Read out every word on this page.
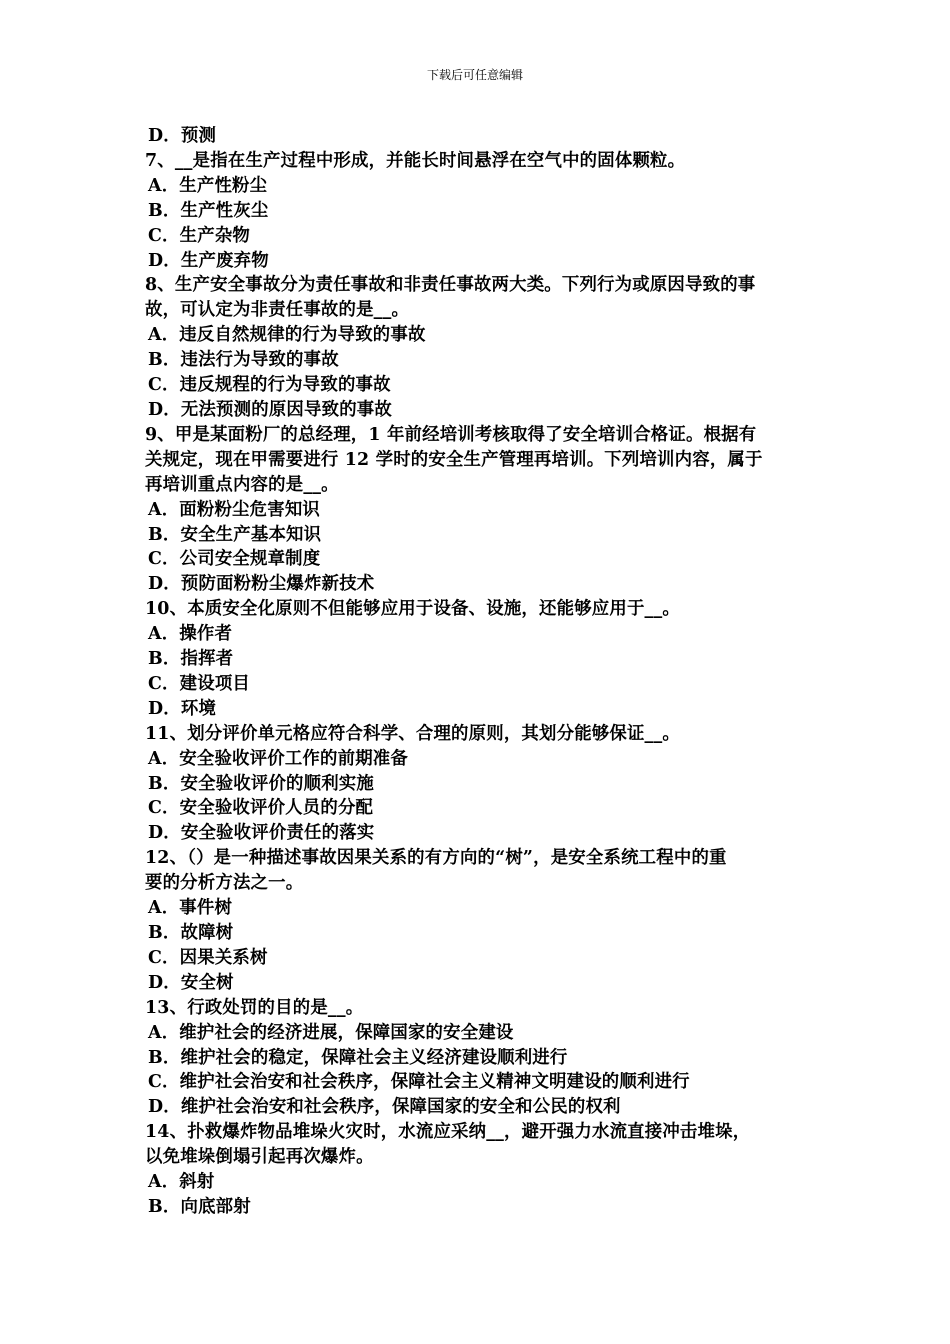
下载后可任意编辑
D．预测
7、__是指在生产过程中形成，并能长时间悬浮在空气中的固体颗粒。
A．生产性粉尘
B．生产性灰尘
C．生产杂物
D．生产废弃物
8、生产安全事故分为责任事故和非责任事故两大类。下列行为或原因导致的事
故，可认定为非责任事故的是__。
A．违反自然规律的行为导致的事故
B．违法行为导致的事故
C．违反规程的行为导致的事故
D．无法预测的原因导致的事故
9、甲是某面粉厂的总经理，1 年前经培训考核取得了安全培训合格证。根据有
关规定，现在甲需要进行 12 学时的安全生产管理再培训。下列培训内容，属于
再培训重点内容的是__。
A．面粉粉尘危害知识
B．安全生产基本知识
C．公司安全规章制度
D．预防面粉粉尘爆炸新技术
10、本质安全化原则不但能够应用于设备、设施，还能够应用于__。
A．操作者
B．指挥者
C．建设项目
D．环境
11、划分评价单元格应符合科学、合理的原则，其划分能够保证__。
A．安全验收评价工作的前期准备
B．安全验收评价的顺利实施
C．安全验收评价人员的分配
D．安全验收评价责任的落实
12、（）是一种描述事故因果关系的有方向的“树”，是安全系统工程中的重
要的分析方法之一。
A．事件树
B．故障树
C．因果关系树
D．安全树
13、行政处罚的目的是__。
A．维护社会的经济进展，保障国家的安全建设
B．维护社会的稳定，保障社会主义经济建设顺利进行
C．维护社会治安和社会秩序，保障社会主义精神文明建设的顺利进行
D．维护社会治安和社会秩序，保障国家的安全和公民的权利
14、扑救爆炸物品堆垛火灾时，水流应采纳__，避开强力水流直接冲击堆垛，
以免堆垛倒塌引起再次爆炸。
A．斜射
B．向底部射
